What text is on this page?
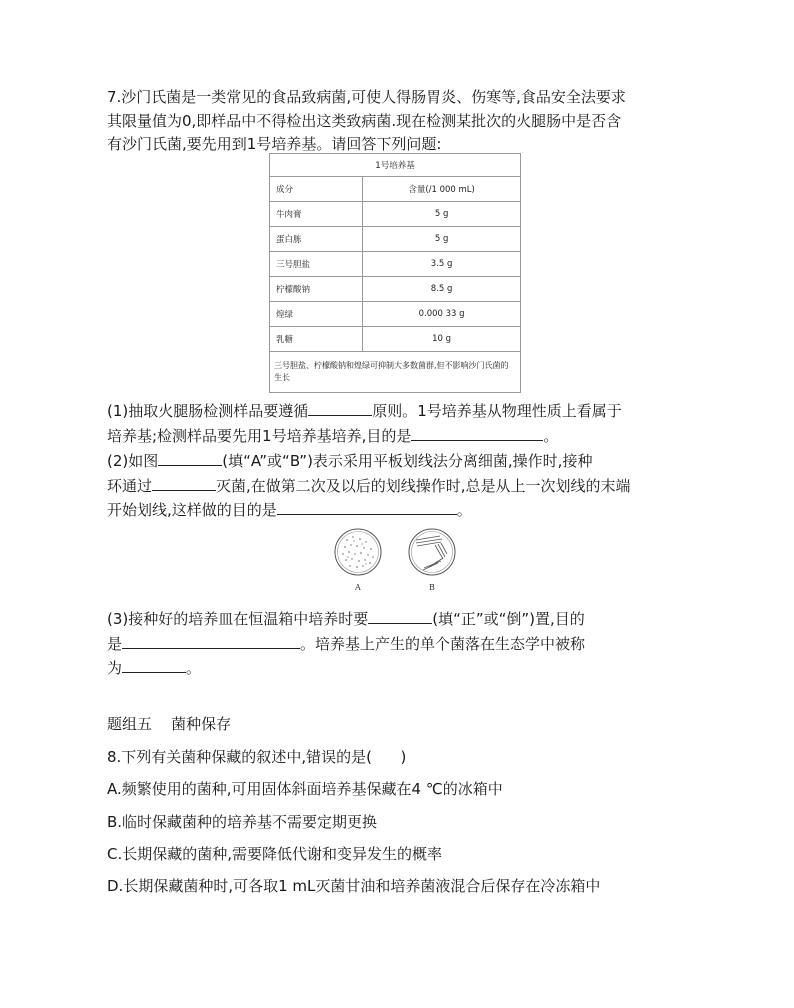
7.沙门氏菌是一类常见的食品致病菌,可使人得肠胃炎、伤寒等,食品安全法要求
其限量值为0,即样品中不得检出这类致病菌.现在检测某批次的火腿肠中是否含
有沙门氏菌,要先用到1号培养基。请回答下列问题:
1号培养基	
成分	含量(/1 000 mL)
牛肉膏	5 g
蛋白胨	5 g
三号胆盐	3.5 g
柠檬酸钠	8.5 g
煌绿	0.000 33 g
乳糖	10 g
三号胆盐、柠檬酸钠和煌绿可抑制大多数菌群,但不影响沙门氏菌的生长	
(1)抽取火腿肠检测样品要遵循	原则。1号培养基从物理性质上看属于
培养基;检测样品要先用1号培养基培养,目的是	。
(2)如图	(填“A”或“B”)表示采用平板划线法分离细菌,操作时,接种
环通过	灭菌,在做第二次及以后的划线操作时,总是从上一次划线的末端
开始划线,这样做的目的是	。
A	B
(3)接种好的培养皿在恒温箱中培养时要	(填“正”或“倒”)置,目的
是	。培养基上产生的单个菌落在生态学中被称
为	。
题组五    菌种保存
8.下列有关菌种保藏的叙述中,错误的是(      )
A.频繁使用的菌种,可用固体斜面培养基保藏在4 ℃的冰箱中
B.临时保藏菌种的培养基不需要定期更换
C.长期保藏的菌种,需要降低代谢和变异发生的概率
D.长期保藏菌种时,可各取1 mL灭菌甘油和培养菌液混合后保存在冷冻箱中
